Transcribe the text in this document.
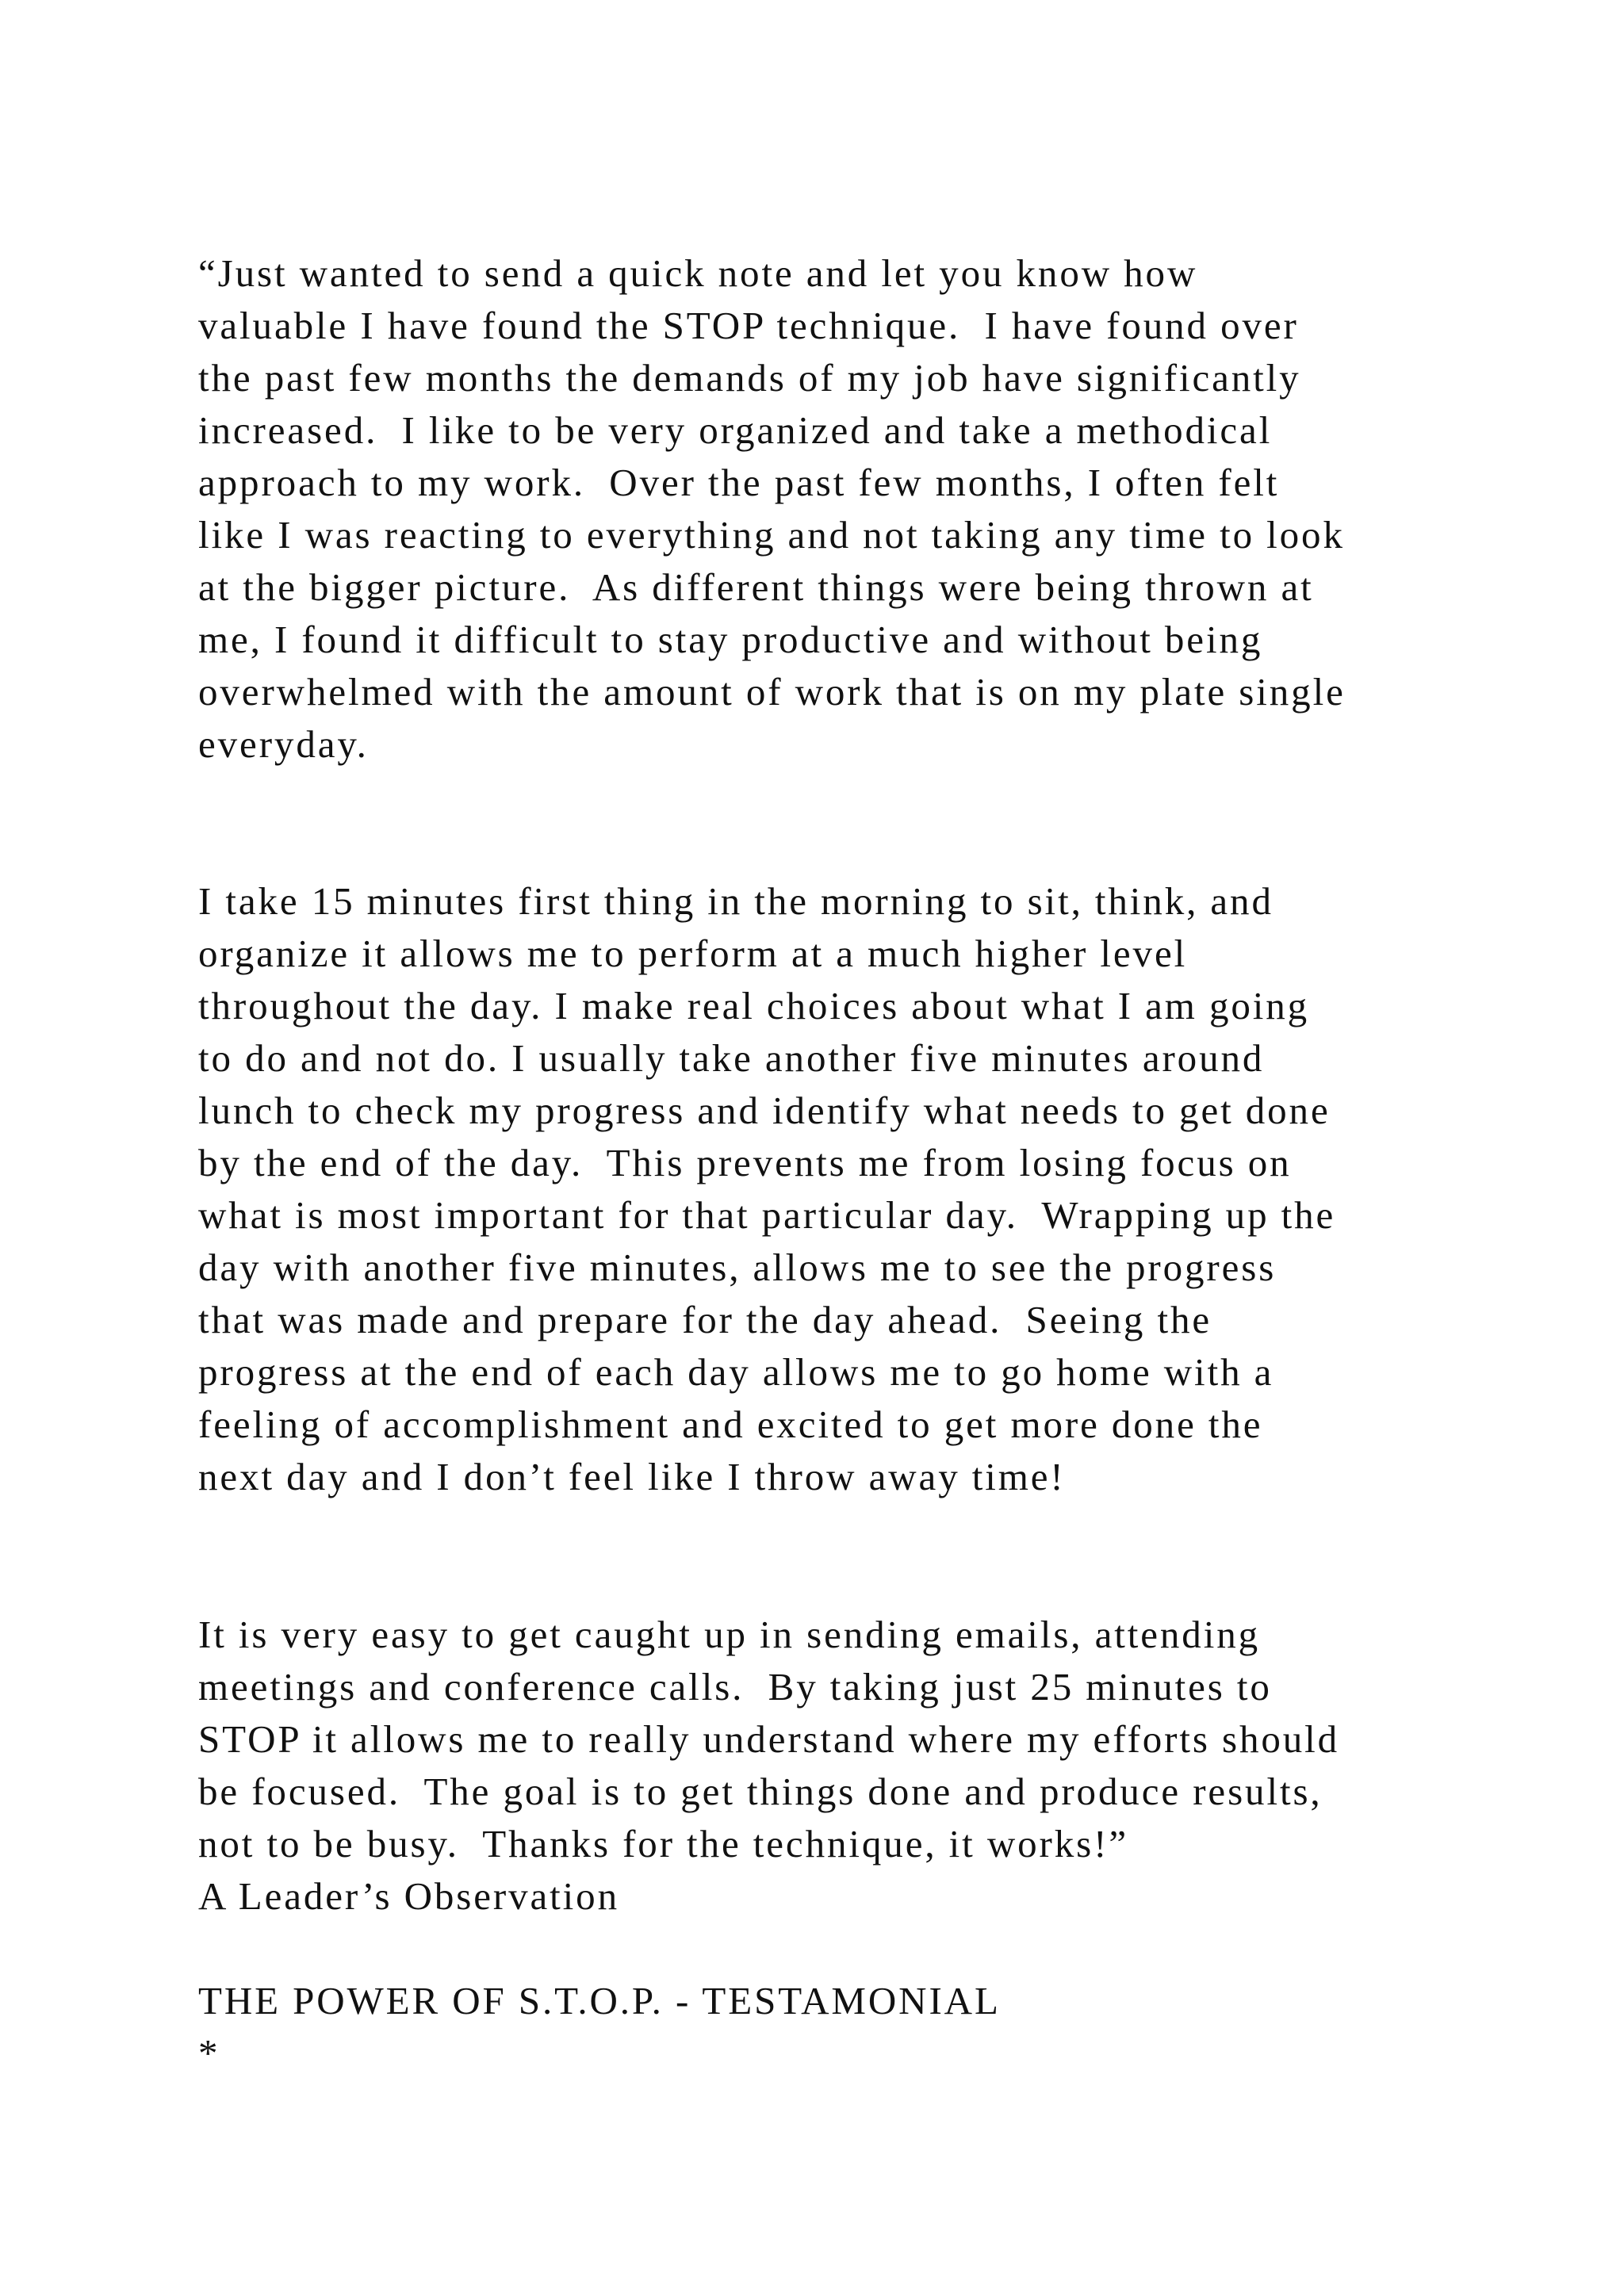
“Just wanted to send a quick note and let you know how

valuable I have found the STOP technique.  I have found over

the past few months the demands of my job have significantly

increased.  I like to be very organized and take a methodical

approach to my work.  Over the past few months, I often felt

like I was reacting to everything and not taking any time to look

at the bigger picture.  As different things were being thrown at

me, I found it difficult to stay productive and without being

overwhelmed with the amount of work that is on my plate single

everyday.

I take 15 minutes first thing in the morning to sit, think, and

organize it allows me to perform at a much higher level

throughout the day. I make real choices about what I am going

to do and not do. I usually take another five minutes around

lunch to check my progress and identify what needs to get done

by the end of the day.  This prevents me from losing focus on

what is most important for that particular day.  Wrapping up the

day with another five minutes, allows me to see the progress

that was made and prepare for the day ahead.  Seeing the

progress at the end of each day allows me to go home with a

feeling of accomplishment and excited to get more done the

next day and I don’t feel like I throw away time!

It is very easy to get caught up in sending emails, attending

meetings and conference calls.  By taking just 25 minutes to

STOP it allows me to really understand where my efforts should

be focused.  The goal is to get things done and produce results,

not to be busy.  Thanks for the technique, it works!”

A Leader’s Observation

THE POWER OF S.T.O.P. - TESTAMONIAL

*
